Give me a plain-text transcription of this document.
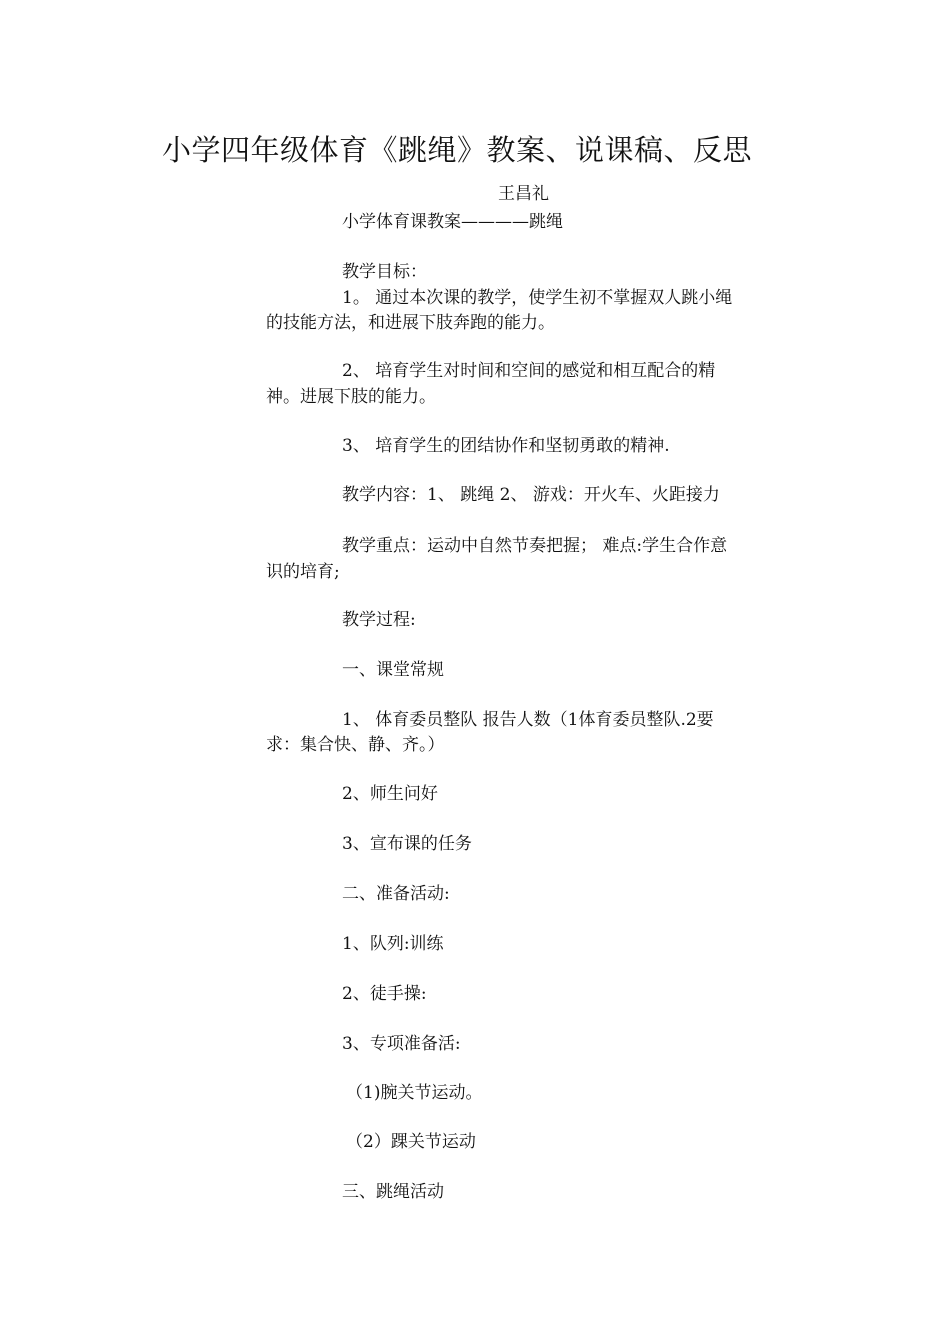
小学四年级体育《跳绳》教案、说课稿、反思
王昌礼
小学体育课教案————跳绳
教学目标：
1。 通过本次课的教学，使学生初不掌握双人跳小绳
的技能方法，和进展下肢奔跑的能力。
2、 培育学生对时间和空间的感觉和相互配合的精
神。进展下肢的能力。
3、 培育学生的团结协作和坚韧勇敢的精神.
教学内容：1、 跳绳 2、 游戏：开火车、火距接力
教学重点：运动中自然节奏把握； 难点:学生合作意
识的培育;
教学过程:
一、课堂常规
1、 体育委员整队 报告人数（1体育委员整队.2要
求：集合快、静、齐。）
2、师生问好
3、宣布课的任务
二、准备活动:
1、队列:训练
2、徒手操:
3、专项准备活:
（1)腕关节运动。
（2）踝关节运动
三、跳绳活动
